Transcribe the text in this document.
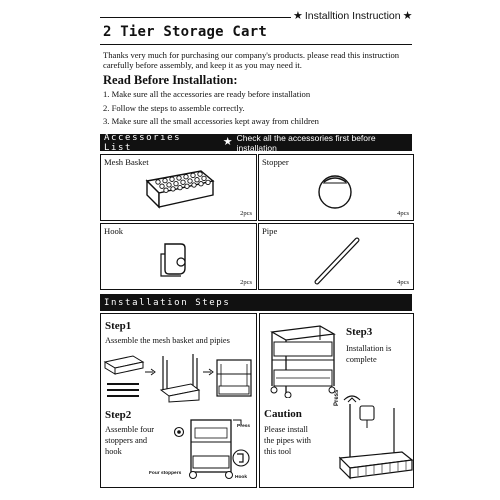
★ Installtion Instruction ★
2 Tier Storage Cart
Thanks very much for purchasing our company's products. please read this instruction carefully before assembly, and keep it as you may need it.
Read Before Installation:
1. Make sure all the accessories are ready before installation
2. Follow the steps to assemble correctly.
3. Make sure all the small accessories kept away from children
Accessories List	★ Check all the accessories first before installation
Mesh Basket
2pcs
Stopper
4pcs
Hook
2pcs
Pipe
4pcs
Installation Steps
Step1
Assemble the mesh basket and pipies
Step2
Assemble four
stoppers and
hook
Press
Four stoppers
Hook
Step3
Installation is
complete
Caution
Please install
the pipes with
this tool
Press
